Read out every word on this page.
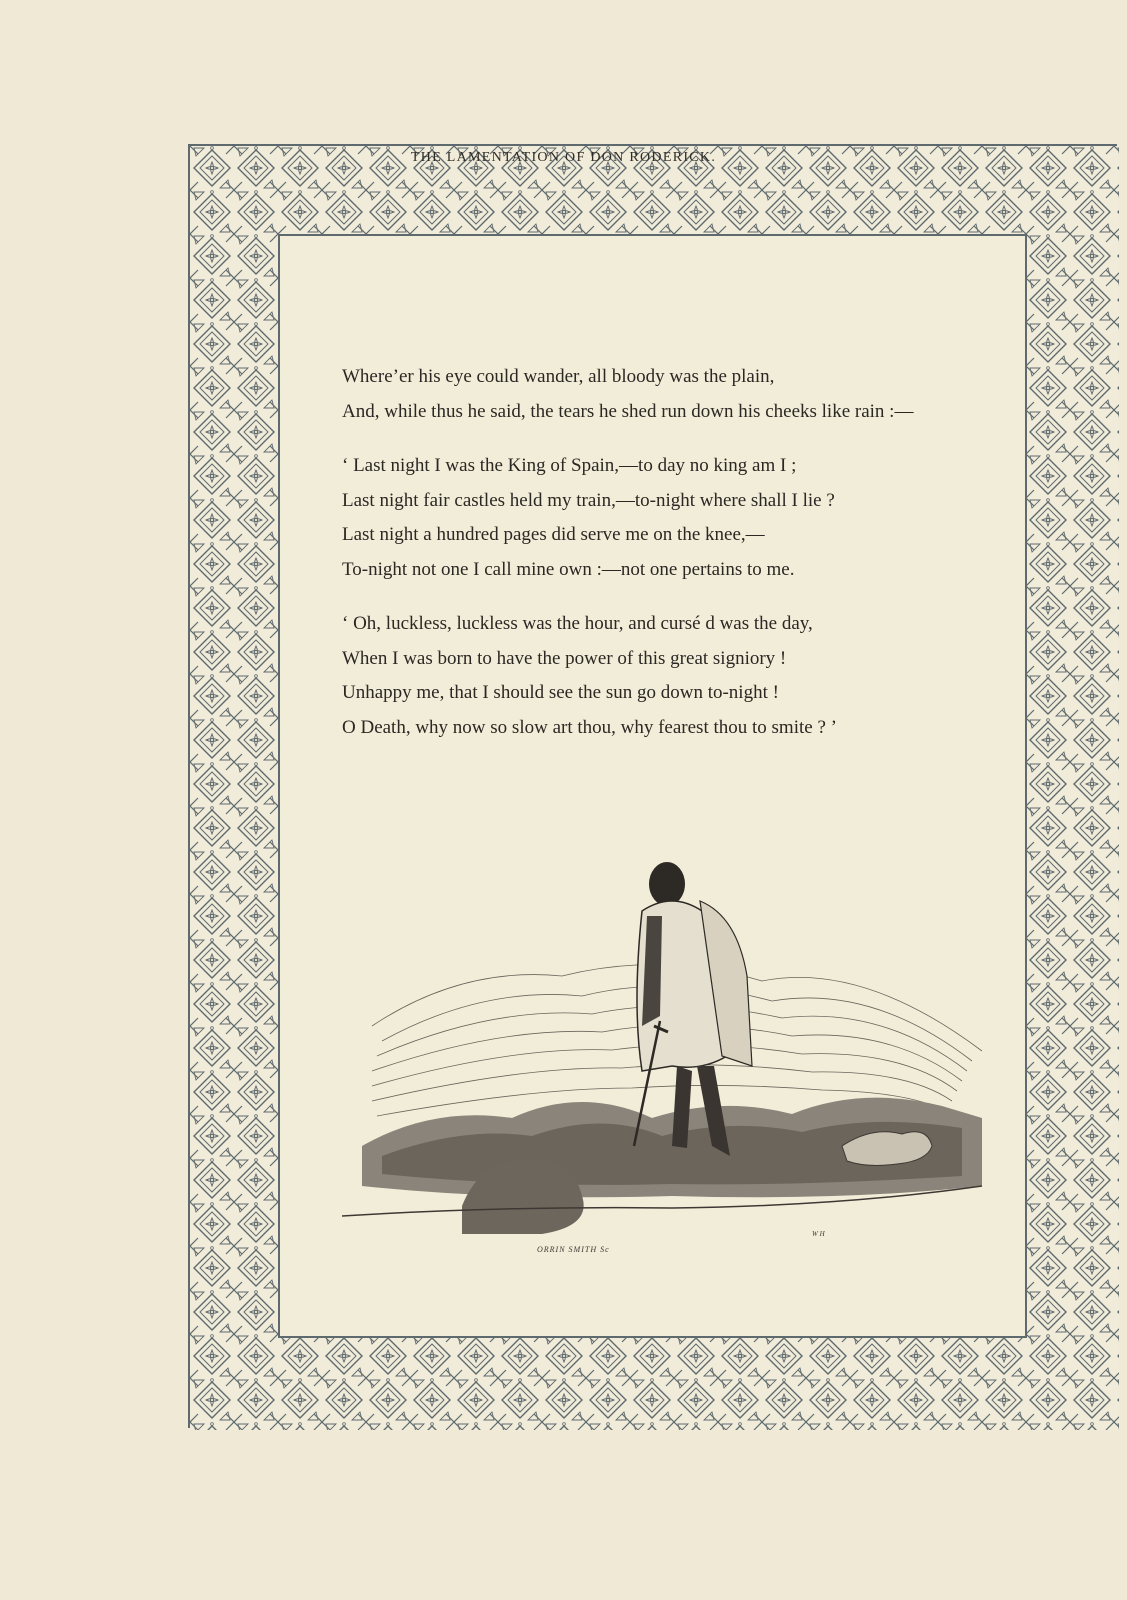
THE LAMENTATION OF DON RODERICK.
Where’er his eye could wander, all bloody was the plain,
And, while thus he said, the tears he shed run down his cheeks like rain :—
‘ Last night I was the King of Spain,—to day no king am I ;
Last night fair castles held my train,—to-night where shall I lie ?
Last night a hundred pages did serve me on the knee,—
To-night not one I call mine own :—not one pertains to me.
‘ Oh, luckless, luckless was the hour, and cursé d was the day,
When I was born to have the power of this great signiory !
Unhappy me, that I should see the sun go down to-night !
O Death, why now so slow art thou, why fearest thou to smite ? ’
ORRIN SMITH Sc
W H
